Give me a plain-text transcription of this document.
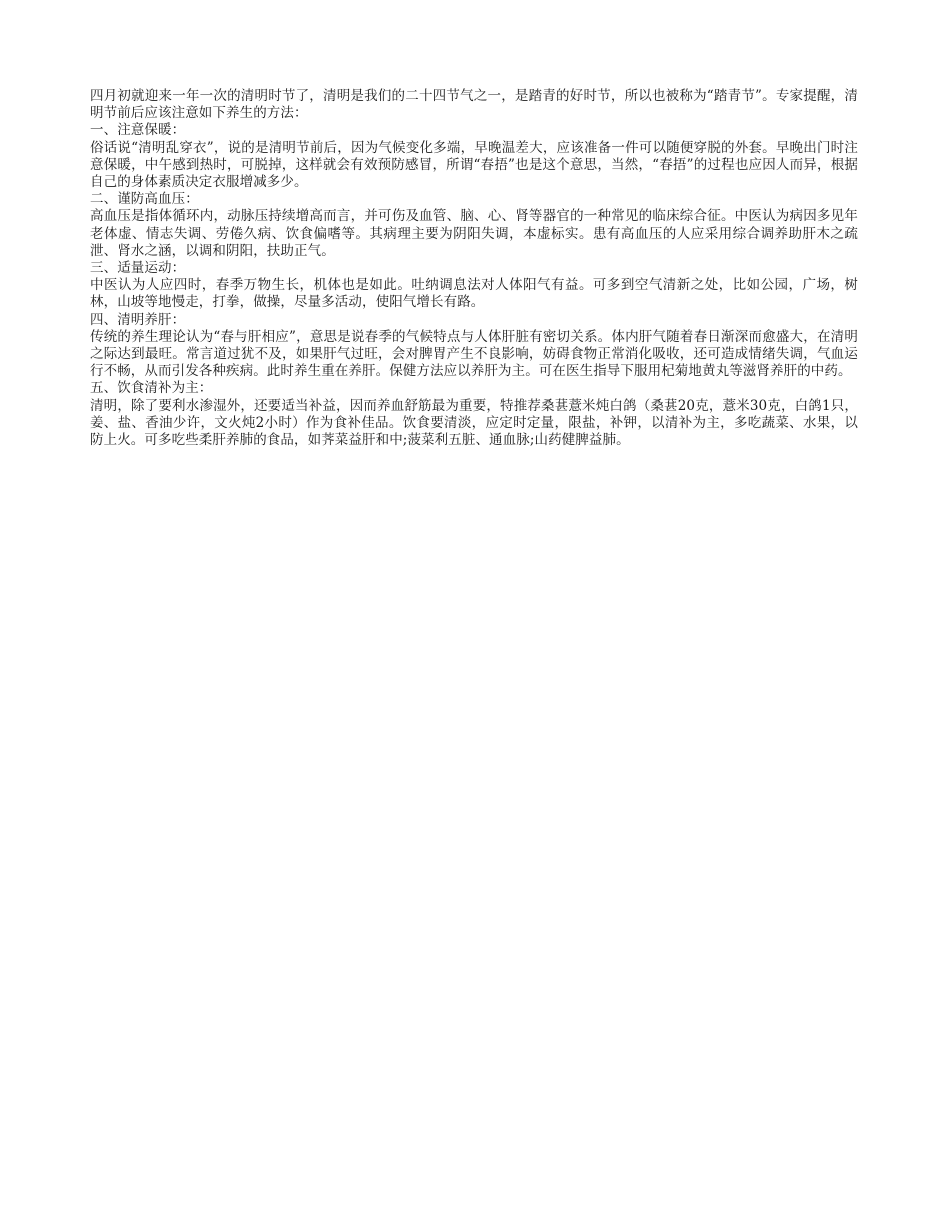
四月初就迎来一年一次的清明时节了，清明是我们的二十四节气之一，是踏青的好时节，所以也被称为“踏青节”。专家提醒，清明节前后应该注意如下养生的方法：

一、注意保暖：

俗话说“清明乱穿衣”，说的是清明节前后，因为气候变化多端，早晚温差大，应该准备一件可以随便穿脱的外套。早晚出门时注意保暖，中午感到热时，可脱掉，这样就会有效预防感冒，所谓“春捂”也是这个意思，当然，“春捂”的过程也应因人而异，根据自己的身体素质决定衣服增减多少。

二、谨防高血压：

高血压是指体循环内，动脉压持续增高而言，并可伤及血管、脑、心、肾等器官的一种常见的临床综合征。中医认为病因多见年老体虚、情志失调、劳倦久病、饮食偏嗜等。其病理主要为阴阳失调，本虚标实。患有高血压的人应采用综合调养助肝木之疏泄、肾水之涵，以调和阴阳，扶助正气。

三、适量运动：

中医认为人应四时，春季万物生长，机体也是如此。吐纳调息法对人体阳气有益。可多到空气清新之处，比如公园，广场，树林，山坡等地慢走，打拳，做操，尽量多活动，使阳气增长有路。

四、清明养肝：

传统的养生理论认为“春与肝相应”，意思是说春季的气候特点与人体肝脏有密切关系。体内肝气随着春日渐深而愈盛大，在清明之际达到最旺。常言道过犹不及，如果肝气过旺，会对脾胃产生不良影响，妨碍食物正常消化吸收，还可造成情绪失调，气血运行不畅，从而引发各种疾病。此时养生重在养肝。保健方法应以养肝为主。可在医生指导下服用杞菊地黄丸等滋肾养肝的中药。

五、饮食清补为主：

清明，除了要利水渗湿外，还要适当补益，因而养血舒筋最为重要，特推荐桑葚薏米炖白鸽（桑葚20克，薏米30克，白鸽1只，姜、盐、香油少许，文火炖2小时）作为食补佳品。饮食要清淡，应定时定量，限盐，补钾，以清补为主，多吃蔬菜、水果，以防上火。可多吃些柔肝养肺的食品，如荠菜益肝和中;菠菜利五脏、通血脉;山药健脾益肺。
